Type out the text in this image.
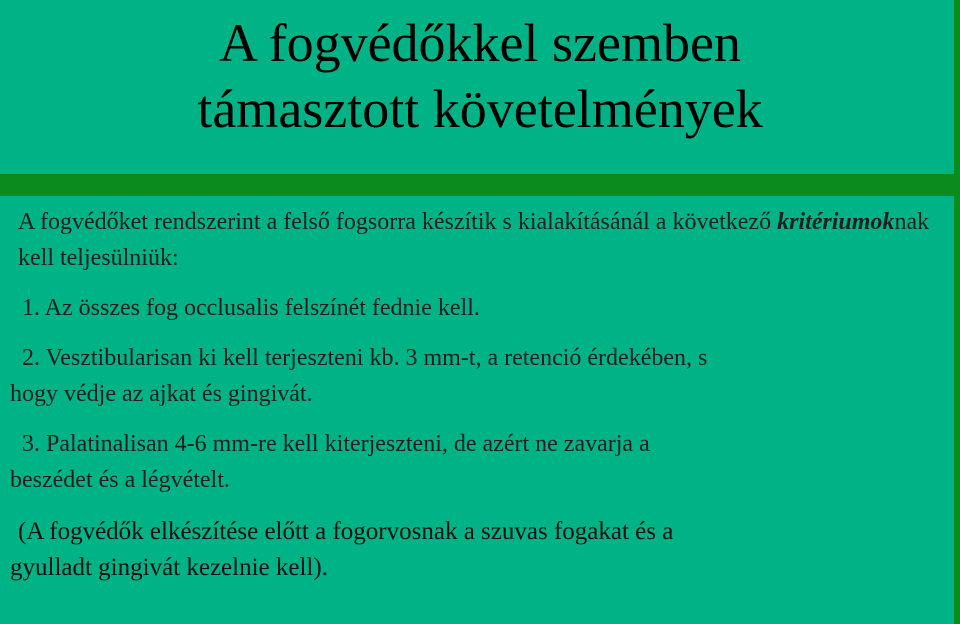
A fogvédőkkel szemben
támasztott követelmények

A fogvédőket rendszerint a felső fogsorra készítik s kialakításánál a következő kritériumoknak kell teljesülniük:

1. Az összes fog occlusalis felszínét fednie kell.

2. Vesztibularisan ki kell terjeszteni kb. 3 mm-t, a retenció érdekében, s
hogy védje az ajkat és gingivát.
3. Palatinalisan 4-6 mm-re kell kiterjeszteni, de azért ne zavarja a
beszédet és a légvételt.
(A fogvédők elkészítése előtt a fogorvosnak a szuvas fogakat és a
gyulladt gingivát kezelnie kell).
